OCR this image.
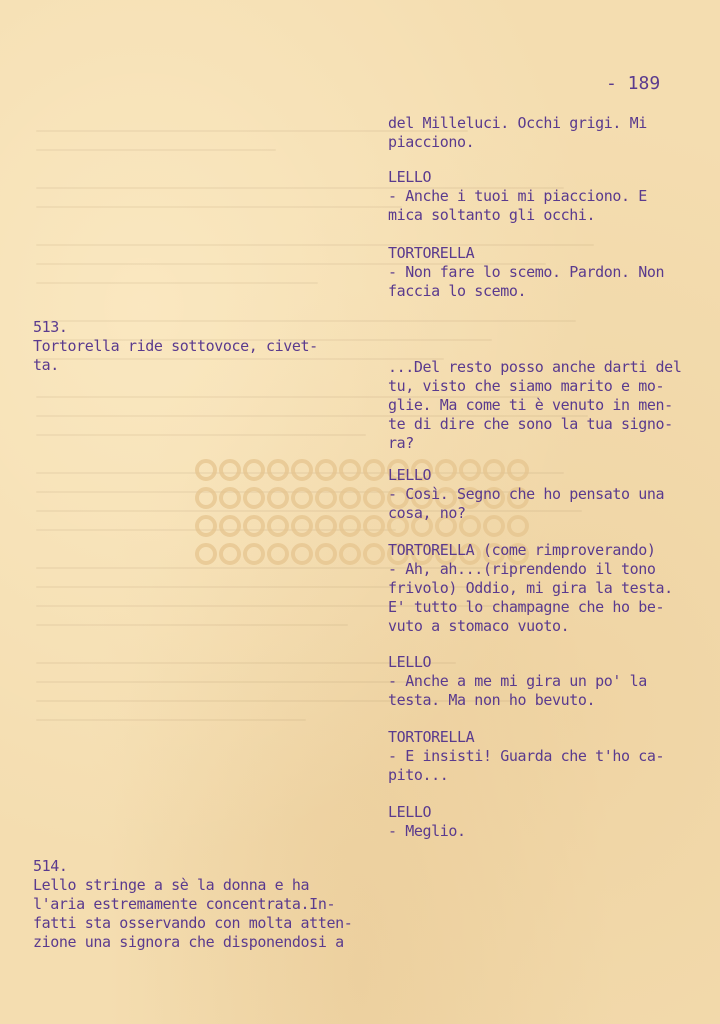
- 189
del Milleluci. Occhi grigi. Mi
piacciono.
LELLO
- Anche i tuoi mi piacciono. E
mica soltanto gli occhi.
TORTORELLA
- Non fare lo scemo. Pardon. Non
faccia lo scemo.
...Del resto posso anche darti del
tu, visto che siamo marito e mo-
glie. Ma come ti è venuto in men-
te di dire che sono la tua signo-
ra?
LELLO
- Così. Segno che ho pensato una
cosa, no?
TORTORELLA (come rimproverando)
- Ah, ah...(riprendendo il tono
frivolo) Oddio, mi gira la testa.
E' tutto lo champagne che ho be-
vuto a stomaco vuoto.
LELLO
- Anche a me mi gira un po' la
testa. Ma non ho bevuto.
TORTORELLA
- E insisti! Guarda che t'ho ca-
pito...
LELLO
- Meglio.
513.
Tortorella ride sottovoce, civet-
ta.
514.
Lello stringe a sè la donna e ha
l'aria estremamente concentrata.In-
fatti sta osservando con molta atten-
zione una signora che disponendosi a
